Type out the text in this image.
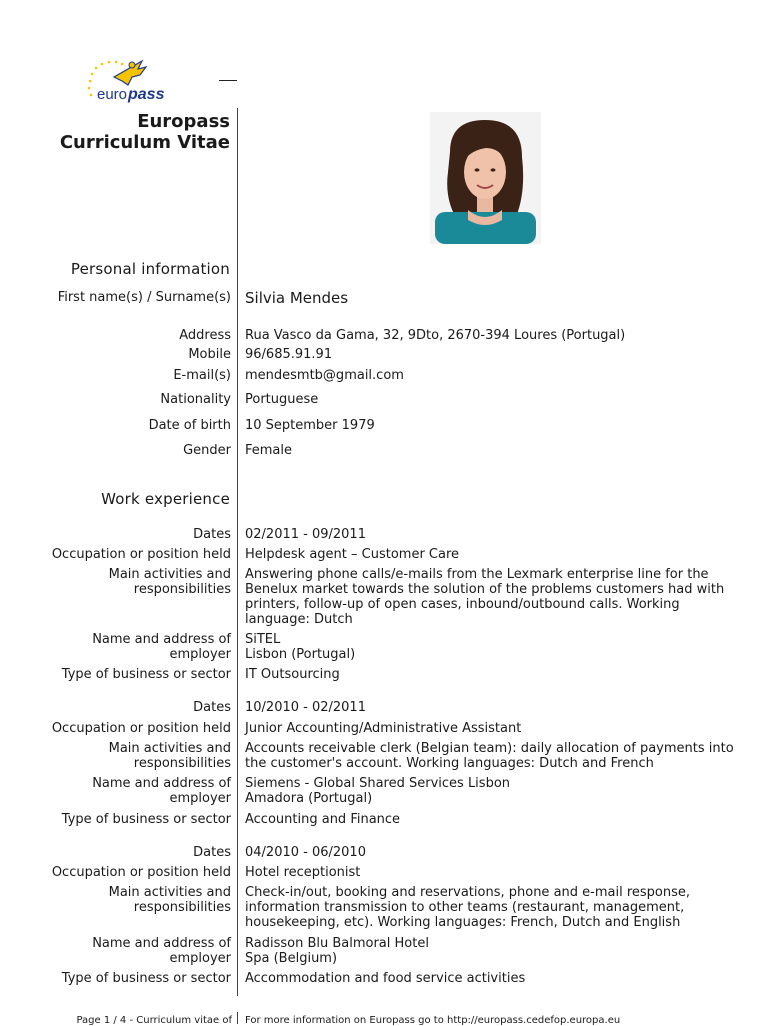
euro pass
Europass
Curriculum Vitae
Personal information
First name(s) / Surname(s) Silvia Mendes
Address Rua Vasco da Gama, 32, 9Dto, 2670-394 Loures (Portugal)
Mobile 96/685.91.91
E-mail(s) mendesmtb@gmail.com
Nationality Portuguese
Date of birth 10 September 1979
Gender Female
Work experience
Dates 02/2011 - 09/2011
Occupation or position held Helpdesk agent – Customer Care
Main activities and responsibilities
Answering phone calls/e-mails from the Lexmark enterprise line for the
Benelux market towards the solution of the problems customers had with
printers, follow-up of open cases, inbound/outbound calls. Working
language: Dutch
Name and address of employer
SiTEL
Lisbon (Portugal)
Type of business or sector IT Outsourcing
Dates 10/2010 - 02/2011
Occupation or position held Junior Accounting/Administrative Assistant
Main activities and responsibilities
Accounts receivable clerk (Belgian team): daily allocation of payments into
the customer's account. Working languages: Dutch and French
Name and address of employer
Siemens - Global Shared Services Lisbon
Amadora (Portugal)
Type of business or sector Accounting and Finance
Dates 04/2010 - 06/2010
Occupation or position held Hotel receptionist
Main activities and responsibilities
Check-in/out, booking and reservations, phone and e-mail response,
information transmission to other teams (restaurant, management,
housekeeping, etc). Working languages: French, Dutch and English
Name and address of employer
Radisson Blu Balmoral Hotel
Spa (Belgium)
Type of business or sector Accommodation and food service activities
Page 1 / 4 - Curriculum vitae of For more information on Europass go to http://europass.cedefop.europa.eu
